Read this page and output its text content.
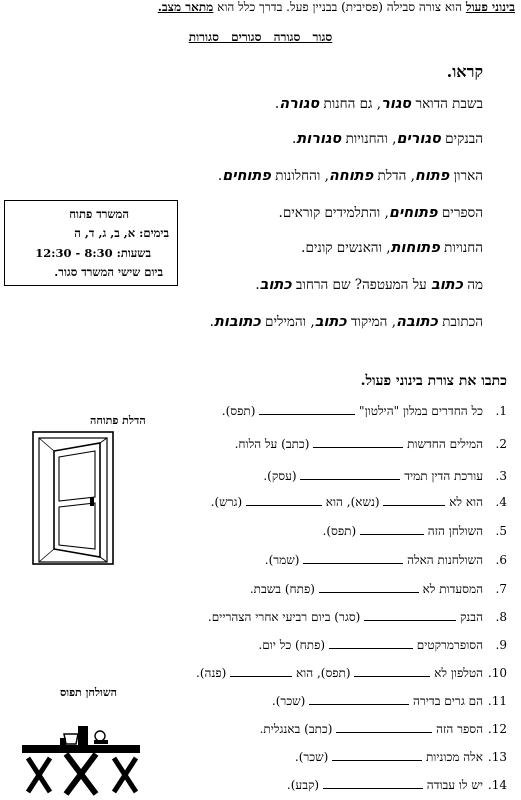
בינוני פעול הוא צורה סבילה (פסיבית) בבניין פעל. בדרך כלל הוא מתאר מצב.
סגור סגורה סגורים סגורות
קראו.
בשבת הדואר סגור, גם החנות סגורה.
הבנקים סגורים, והחנויות סגורות.
הארון פתוח, הדלת פתוחה, והחלונות פתוחים.
הספרים פתוחים, והתלמידים קוראים.
החנויות פתוחות, והאנשים קונים.
מה כתוב על המעטפה? שם הרחוב כתוב.
הכתובת כתובה, המיקוד כתוב, והמילים כתובות.
המשרד פתוח
בימים: א, ב, ג, ד, ה
בשעות: 8:30 - 12:30
ביום שישי המשרד סגור.
כתבו את צורת בינוני פעול.
1.כל החדרים במלון "הילטון"  (תפס).
2.המילים החדשות  (כתב) על הלוח.
3.עורכת הדין תמיד  (עסק).
4.הוא לא  (נשא), הוא  (גרש).
5.השולחן הזה  (תפס).
6.השולחנות האלה  (שמר).
7.המסעדות לא  (פתח) בשבת.
8.הבנק  (סגר) ביום רביעי אחרי הצהריים.
9.הסופרמרקטים  (פתח) כל יום.
10.הטלפון לא  (תפס), הוא  (פנה).
11.הם גרים בדירה  (שכר).
12.הספר הזה  (כתב) באנגלית.
13.אלה מכוניות  (שכר).
14.יש לו עבודה  (קבע).
הדלת פתוחה
השולחן תפוס
